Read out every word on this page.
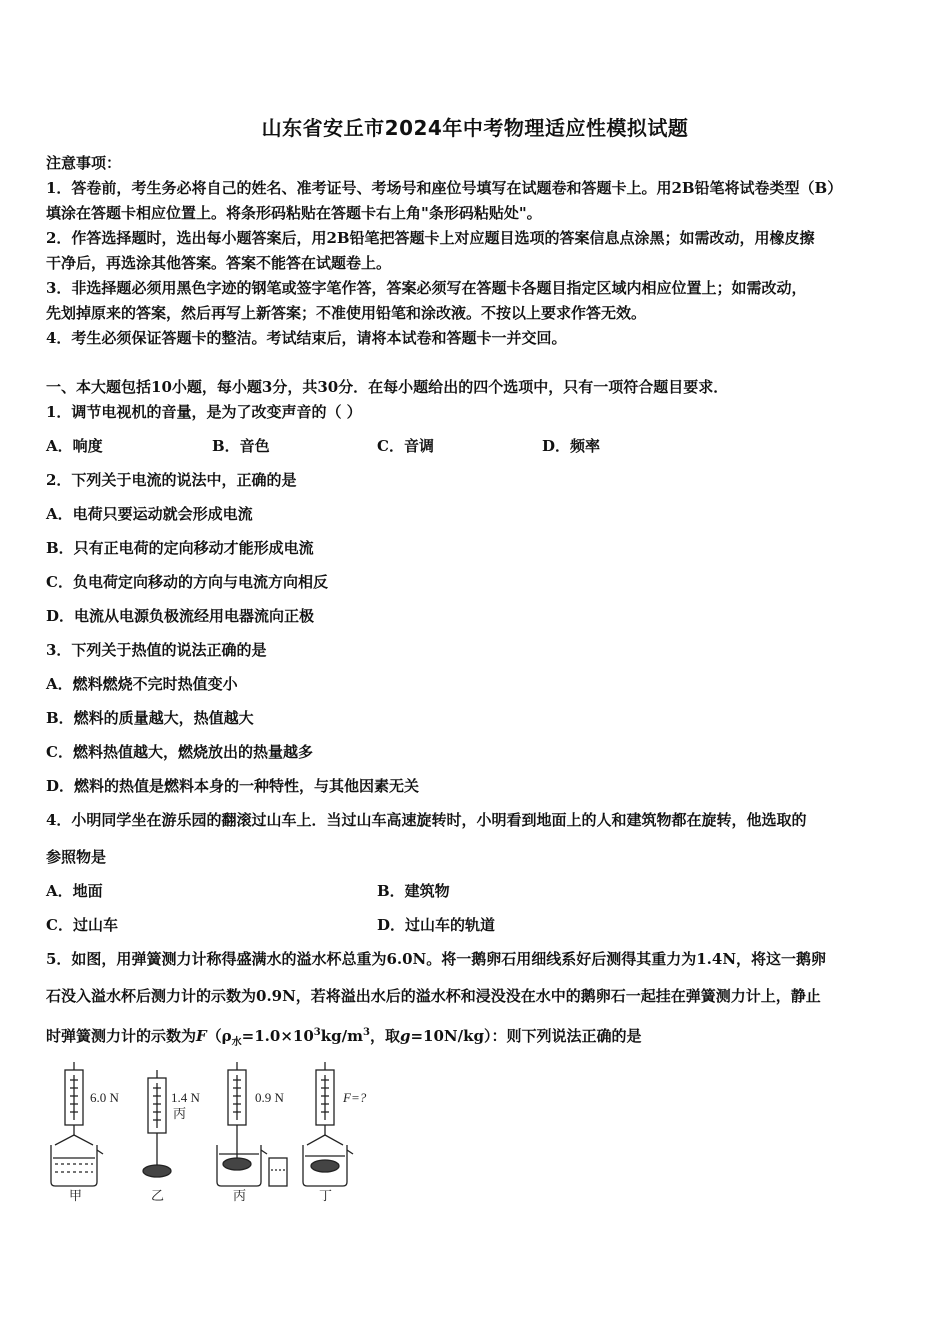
山东省安丘市2024年中考物理适应性模拟试题
注意事项：
1．答卷前，考生务必将自己的姓名、准考证号、考场号和座位号填写在试题卷和答题卡上。用2B铅笔将试卷类型（B）
填涂在答题卡相应位置上。将条形码粘贴在答题卡右上角"条形码粘贴处"。
2．作答选择题时，选出每小题答案后，用2B铅笔把答题卡上对应题目选项的答案信息点涂黑；如需改动，用橡皮擦
干净后，再选涂其他答案。答案不能答在试题卷上。
3．非选择题必须用黑色字迹的钢笔或签字笔作答，答案必须写在答题卡各题目指定区域内相应位置上；如需改动，
先划掉原来的答案，然后再写上新答案；不准使用铅笔和涂改液。不按以上要求作答无效。
4．考生必须保证答题卡的整洁。考试结束后，请将本试卷和答题卡一并交回。
一、本大题包括10小题，每小题3分，共30分．在每小题给出的四个选项中，只有一项符合题目要求．
1．调节电视机的音量，是为了改变声音的（ ）
A．响度	B．音色	C．音调	D．频率
2．下列关于电流的说法中，正确的是
A．电荷只要运动就会形成电流
B．只有正电荷的定向移动才能形成电流
C．负电荷定向移动的方向与电流方向相反
D．电流从电源负极流经用电器流向正极
3．下列关于热值的说法正确的是
A．燃料燃烧不完时热值变小
B．燃料的质量越大，热值越大
C．燃料热值越大，燃烧放出的热量越多
D．燃料的热值是燃料本身的一种特性，与其他因素无关
4．小明同学坐在游乐园的翻滚过山车上．当过山车高速旋转时，小明看到地面上的人和建筑物都在旋转，他选取的
参照物是
A．地面	B．建筑物
C．过山车	D．过山车的轨道
5．如图，用弹簧测力计称得盛满水的溢水杯总重为6.0N。将一鹅卵石用细线系好后测得其重力为1.4N，将这一鹅卵
石没入溢水杯后测力计的示数为0.9N，若将溢出水后的溢水杯和浸没没在水中的鹅卵石一起挂在弹簧测力计上，静止
时弹簧测力计的示数为$F(\rho_水=1.0\times 10^3kg/m^3$，取g=10N/kg）：则下列说法正确的是
6.0 N	1.4 N
丙
0.9 N	F=?
甲	乙	丙	丁
